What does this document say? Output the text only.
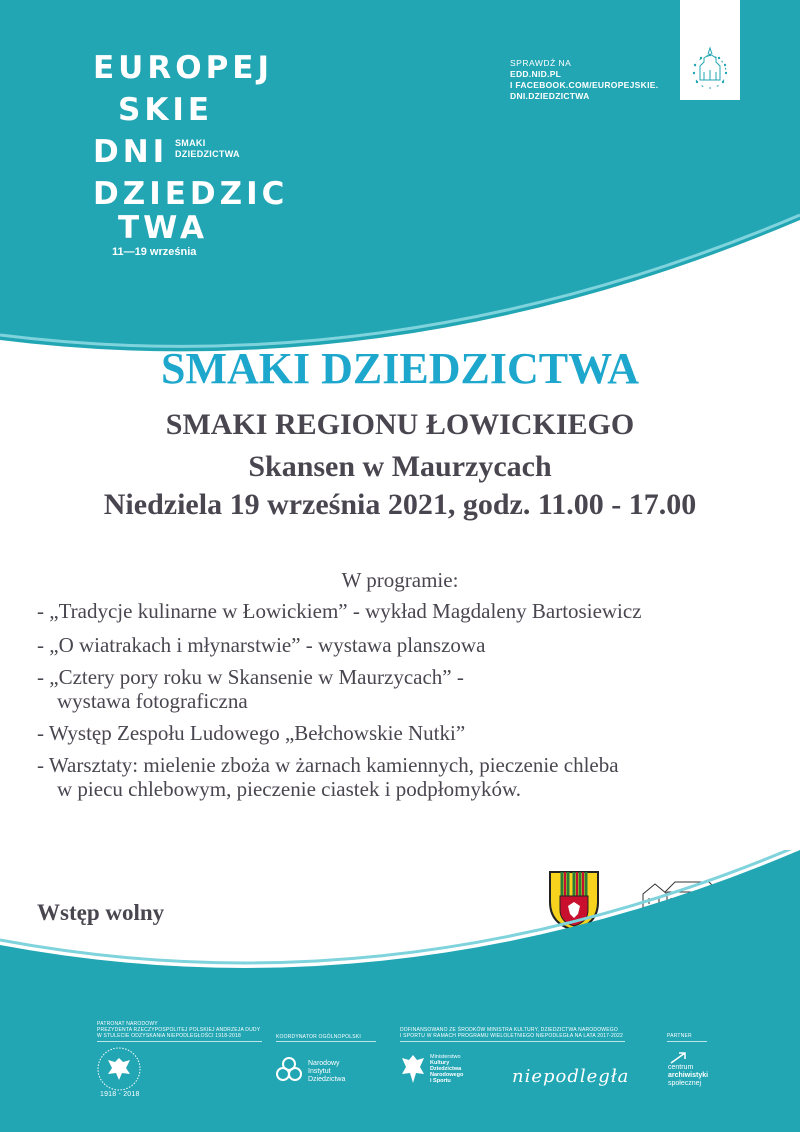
EUROPEJ
SKIE
DNI SMAKI
DZIEDZICTWA
DZIEDZIC
TWA
11—19 września
SPRAWDŹ NA
EDD.NID.PL
I FACEBOOK.COM/EUROPEJSKIE.
DNI.DZIEDZICTWA
SMAKI DZIEDZICTWA
SMAKI REGIONU ŁOWICKIEGO
Skansen w Maurzycach
Niedziela 19 września 2021, godz. 11.00 - 17.00
W programie:
- „Tradycje kulinarne w Łowickiem” - wykład Magdaleny Bartosiewicz
- „O wiatrakach i młynarstwie” - wystawa planszowa
- „Cztery pory roku w Skansenie w Maurzycach” -
wystawa fotograficzna
- Występ Zespołu Ludowego „Bełchowskie Nutki”
- Warsztaty: mielenie zboża w żarnach kamiennych, pieczenie chleba
w piecu chlebowym, pieczenie ciastek i podpłomyków.
Wstęp wolny
PATRONAT NARODOWY
PREZYDENTA RZECZYPOSPOLITEJ POLSKIEJ ANDRZEJA DUDY
W STULECIE ODZYSKANIA NIEPODLEGŁOŚCI 1918-2018
1918 - 2018
KOORDYNATOR OGÓLNOPOLSKI
Narodowy
Instytut
Dziedzictwa
DOFINANSOWANO ZE ŚRODKÓW MINISTRA KULTURY, DZIEDZICTWA NARODOWEGO
I SPORTU W RAMACH PROGRAMU WIELOLETNIEGO NIEPODLEGŁA NA LATA 2017-2022
Ministerstwo
Kultury
Dziedzictwa
Narodowego
i Sportu	niepodległa
PARTNER
centrum
archiwistyki
społecznej
